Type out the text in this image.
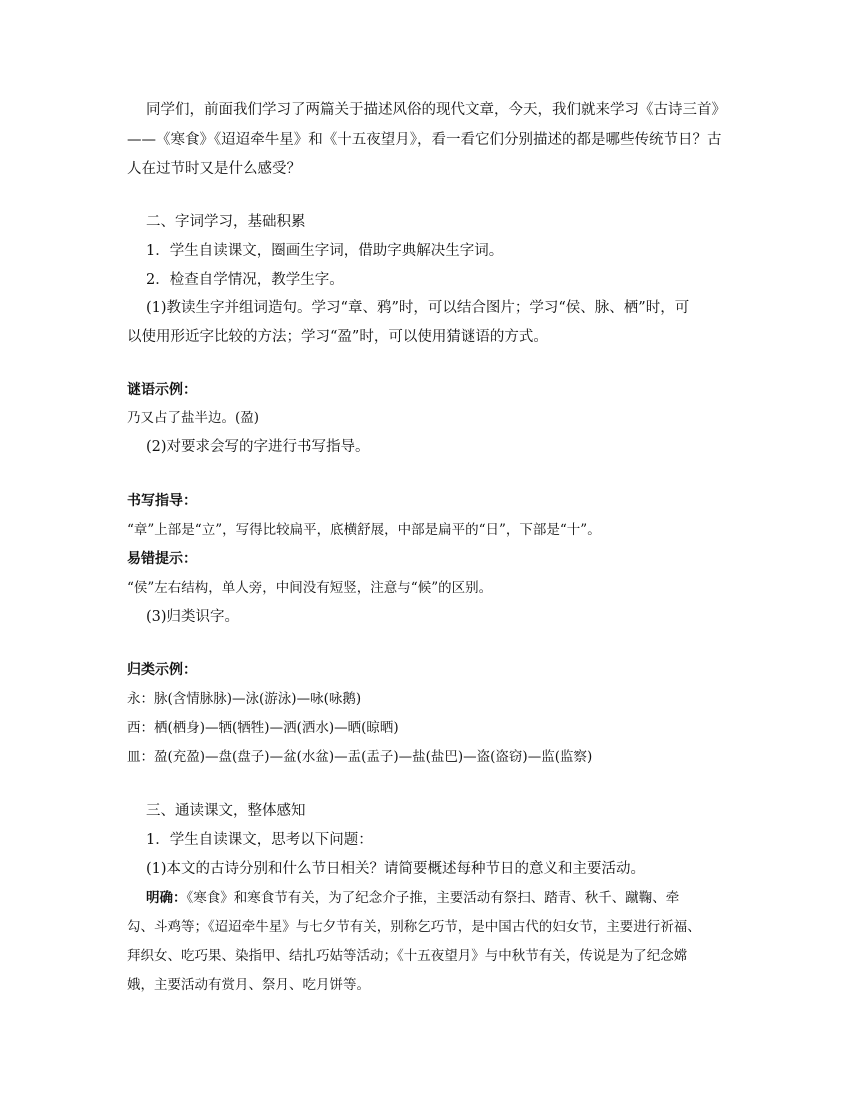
同学们，前面我们学习了两篇关于描述风俗的现代文章，今天，我们就来学习《古诗三首》
——《寒食》《迢迢牵牛星》和《十五夜望月》，看一看它们分别描述的都是哪些传统节日？古
人在过节时又是什么感受？
二、字词学习，基础积累
1．学生自读课文，圈画生字词，借助字典解决生字词。
2．检查自学情况，教学生字。
(1)教读生字并组词造句。学习“章、鸦”时，可以结合图片；学习“侯、脉、栖”时，可
以使用形近字比较的方法；学习“盈”时，可以使用猜谜语的方式。
谜语示例：
乃又占了盐半边。(盈)
(2)对要求会写的字进行书写指导。
书写指导：
“章”上部是“立”，写得比较扁平，底横舒展，中部是扁平的“日”，下部是“十”。
易错提示：
“侯”左右结构，单人旁，中间没有短竖，注意与“候”的区别。
(3)归类识字。
归类示例：
永：脉(含情脉脉)—泳(游泳)—咏(咏鹅)
西：栖(栖身)—牺(牺牲)—洒(洒水)—晒(晾晒)
皿：盈(充盈)—盘(盘子)—盆(水盆)—盂(盂子)—盐(盐巴)—盗(盗窃)—监(监察)
三、通读课文，整体感知
1．学生自读课文，思考以下问题：
(1)本文的古诗分别和什么节日相关？请简要概述每种节日的意义和主要活动。
明确：《寒食》和寒食节有关，为了纪念介子推，主要活动有祭扫、踏青、秋千、蹴鞠、牵
勾、斗鸡等；《迢迢牵牛星》与七夕节有关，别称乞巧节，是中国古代的妇女节，主要进行祈福、
拜织女、吃巧果、染指甲、结扎巧姑等活动；《十五夜望月》与中秋节有关，传说是为了纪念嫦
娥，主要活动有赏月、祭月、吃月饼等。
